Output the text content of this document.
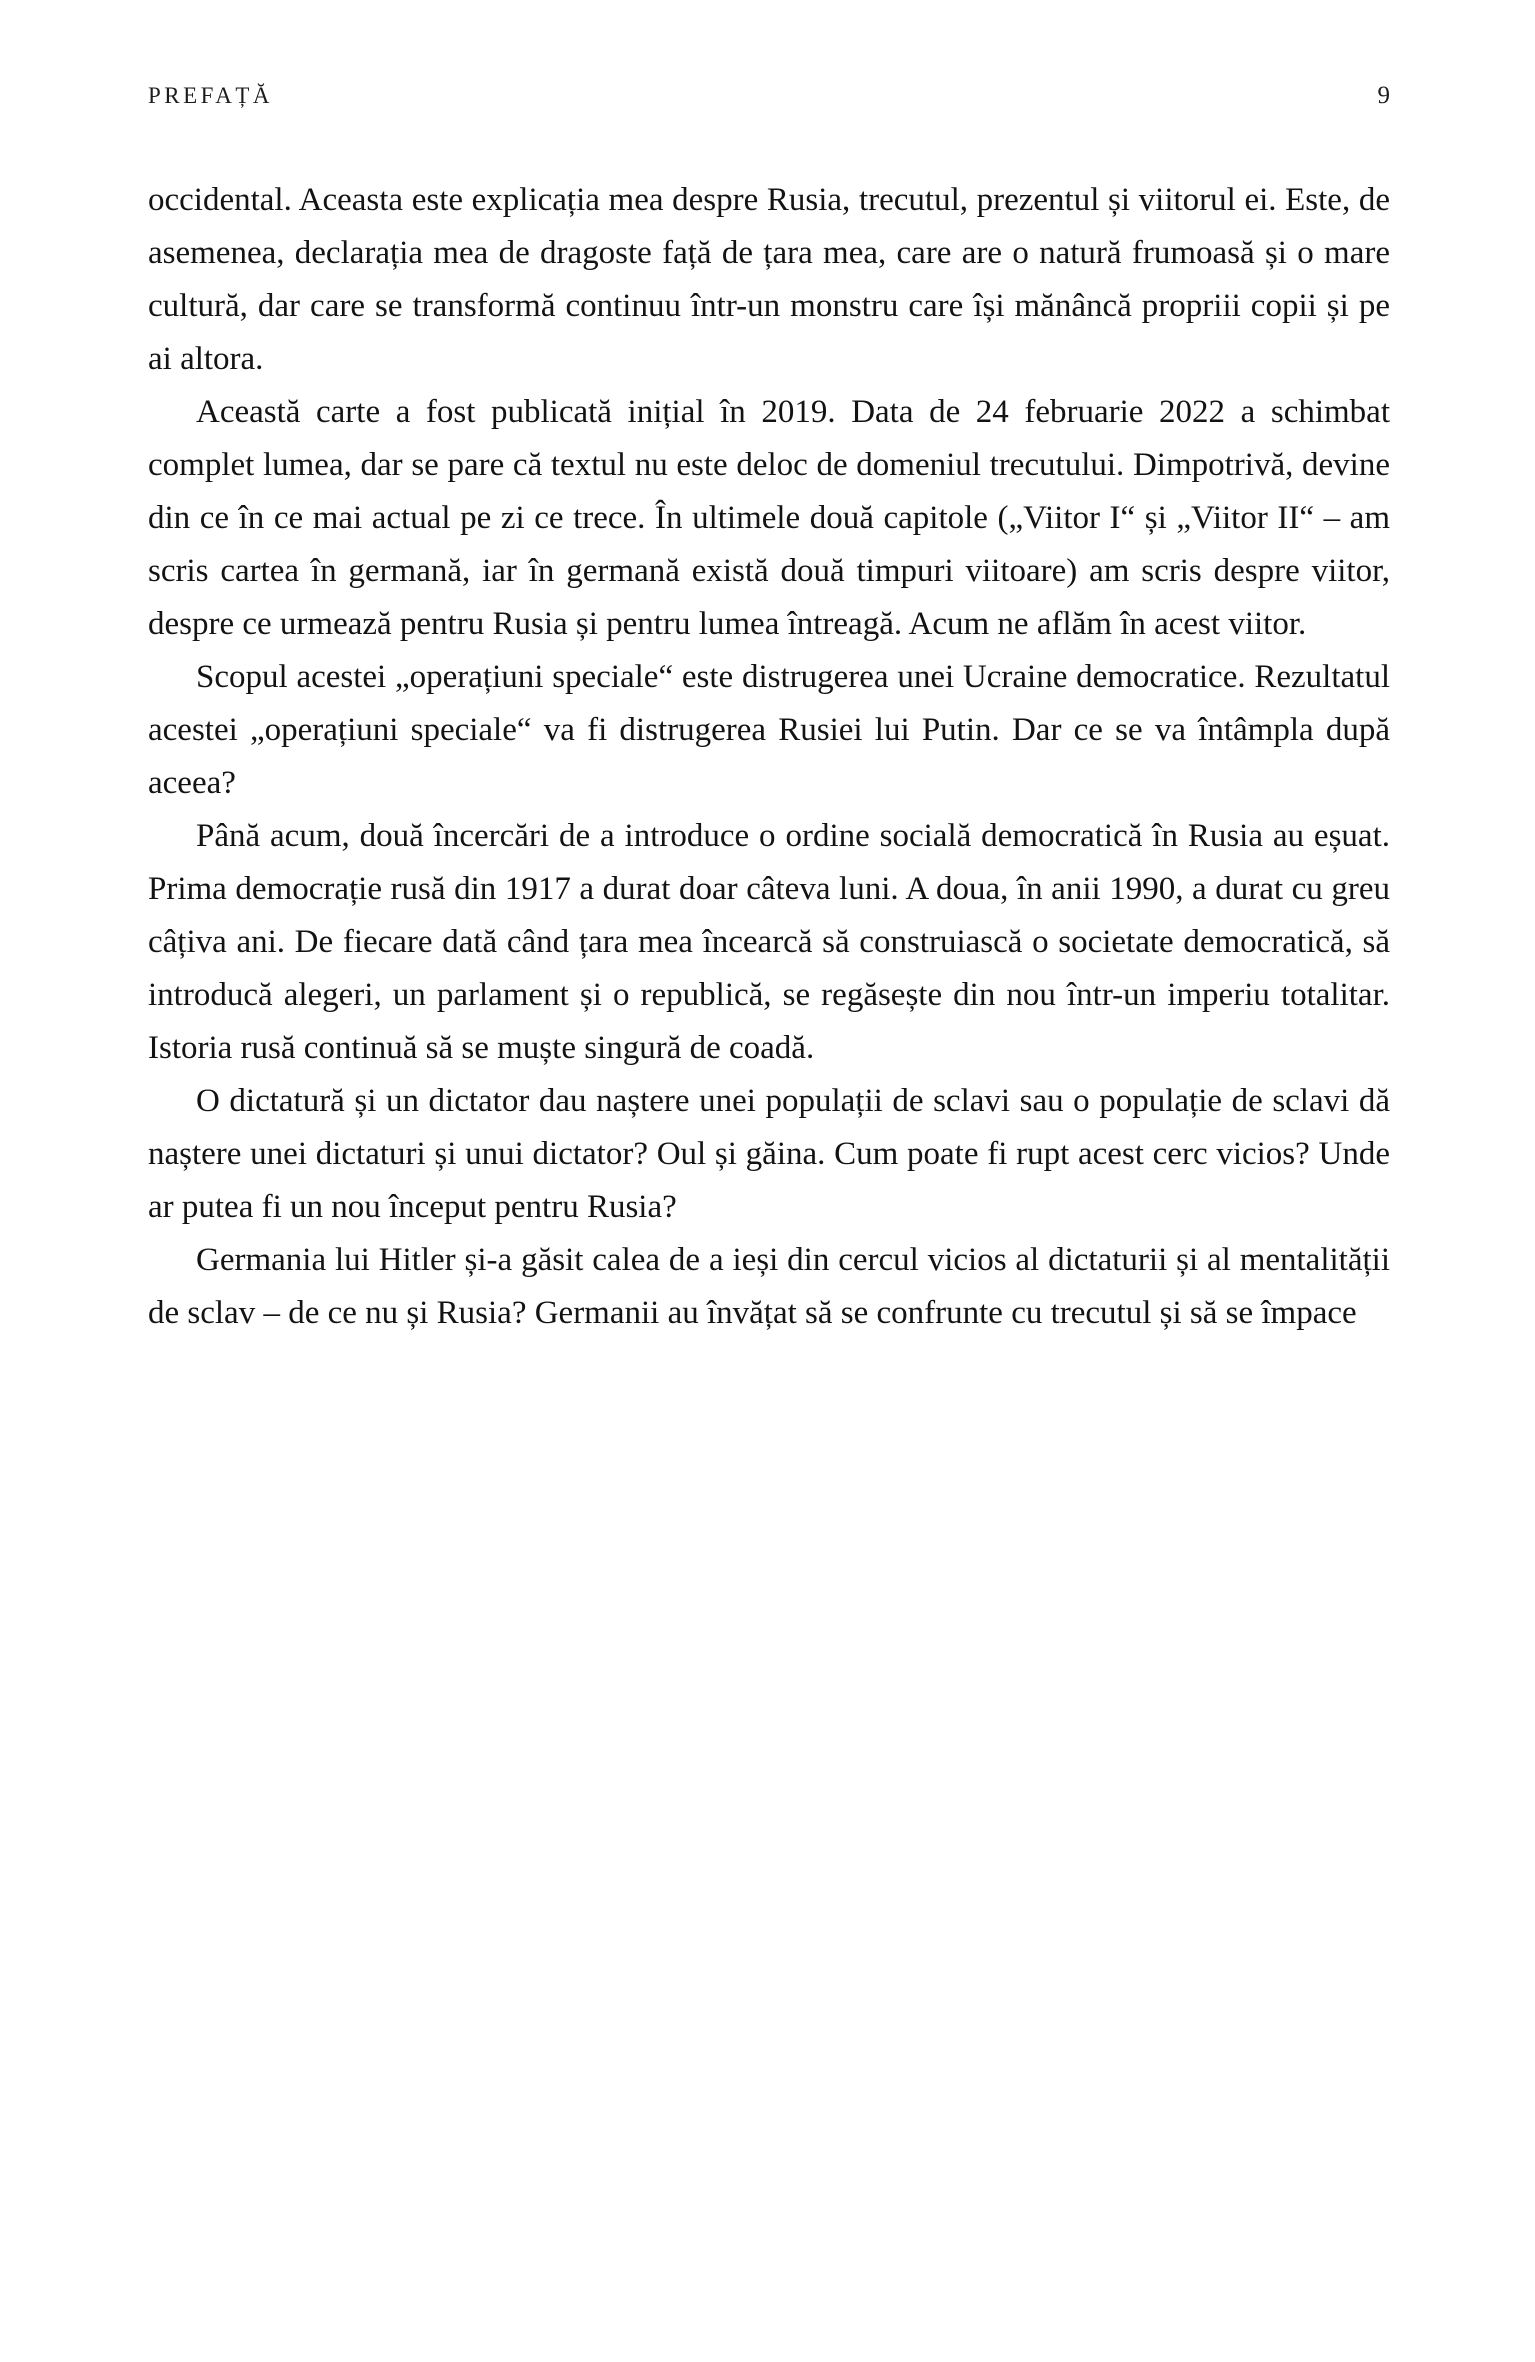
PREFAȚĂ	9

occidental. Aceasta este explicația mea despre Rusia, trecutul, prezentul și viitorul ei. Este, de asemenea, declarația mea de dragoste față de țara mea, care are o natură frumoasă și o mare cultură, dar care se transformă continuu într-un monstru care își mănâncă propriii copii și pe ai altora.

Această carte a fost publicată inițial în 2019. Data de 24 februarie 2022 a schimbat complet lumea, dar se pare că textul nu este deloc de domeniul trecutului. Dimpotrivă, devine din ce în ce mai actual pe zi ce trece. În ultimele două capitole („Viitor I“ și „Viitor II“ – am scris cartea în germană, iar în germană există două timpuri viitoare) am scris despre viitor, despre ce urmează pentru Rusia și pentru lumea întreagă. Acum ne aflăm în acest viitor.

Scopul acestei „operațiuni speciale“ este distrugerea unei Ucraine democratice. Rezultatul acestei „operațiuni speciale“ va fi distrugerea Rusiei lui Putin. Dar ce se va întâmpla după aceea?

Până acum, două încercări de a introduce o ordine socială democratică în Rusia au eșuat. Prima democrație rusă din 1917 a durat doar câteva luni. A doua, în anii 1990, a durat cu greu câțiva ani. De fiecare dată când țara mea încearcă să construiască o societate democratică, să introducă alegeri, un parlament și o republică, se regăsește din nou într-un imperiu totalitar. Istoria rusă continuă să se muște singură de coadă.

O dictatură și un dictator dau naștere unei populații de sclavi sau o populație de sclavi dă naștere unei dictaturi și unui dictator? Oul și găina. Cum poate fi rupt acest cerc vicios? Unde ar putea fi un nou început pentru Rusia?

Germania lui Hitler și-a găsit calea de a ieși din cercul vicios al dictaturii și al mentalității de sclav – de ce nu și Rusia? Germanii au învățat să se confrunte cu trecutul și să se împace
